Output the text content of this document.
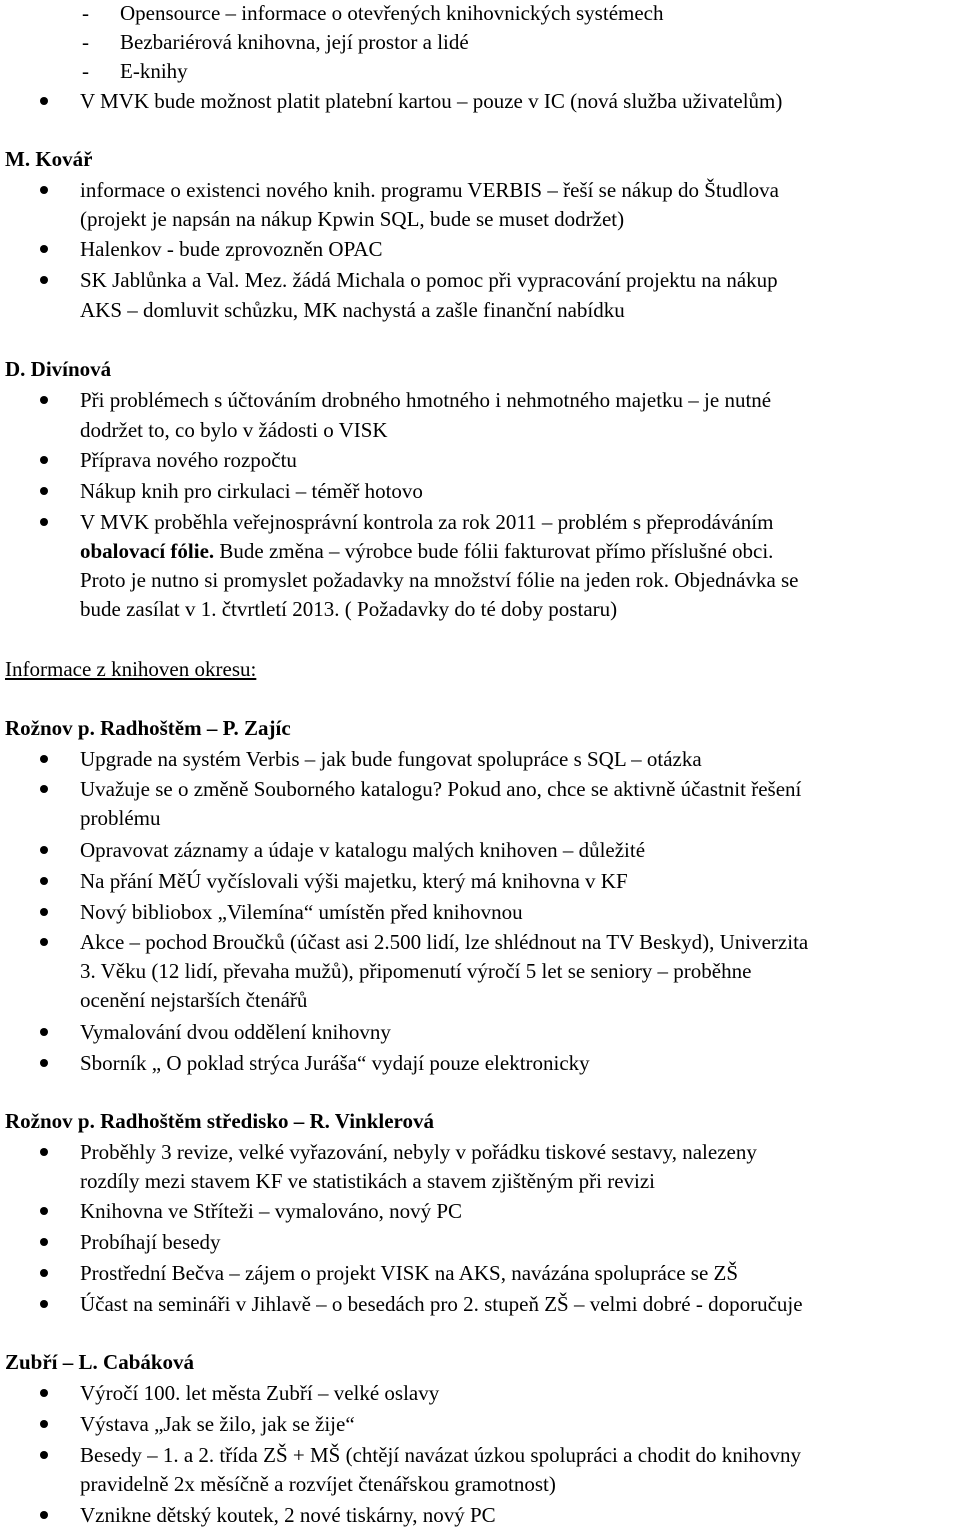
- Opensource – informace o otevřených knihovnických systémech
- Bezbariérová knihovna, její prostor a lidé
- E-knihy
V MVK bude možnost platit platební kartou – pouze v IC (nová služba uživatelům)
M. Kovář
informace o existenci nového knih. programu VERBIS – řeší se nákup do Študlova
(projekt je napsán na nákup Kpwin SQL, bude se muset dodržet)
Halenkov - bude zprovozněn OPAC
SK Jablůnka a Val. Mez. žádá Michala o pomoc při vypracování projektu na nákup
AKS – domluvit schůzku, MK nachystá a zašle finanční nabídku
D. Divínová
Při problémech s účtováním drobného hmotného i nehmotného majetku – je nutné
dodržet to, co bylo v žádosti o VISK
Příprava nového rozpočtu
Nákup knih pro cirkulaci – téměř hotovo
V MVK proběhla veřejnosprávní kontrola za rok 2011 – problém s přeprodáváním
obalovací fólie. Bude změna – výrobce bude fólii fakturovat přímo příslušné obci.
Proto je nutno si promyslet požadavky na množství fólie na jeden rok. Objednávka se
bude zasílat v 1. čtvrtletí 2013. ( Požadavky do té doby postaru)
Informace z knihoven okresu:
Rožnov p. Radhoštěm – P. Zajíc
Upgrade na systém Verbis – jak bude fungovat spolupráce s SQL – otázka
Uvažuje se o změně Souborného katalogu? Pokud ano, chce se aktivně účastnit řešení
problému
Opravovat záznamy a údaje v katalogu malých knihoven – důležité
Na přání MěÚ vyčíslovali výši majetku, který má knihovna v KF
Nový bibliobox „Vilemína“ umístěn před knihovnou
Akce – pochod Broučků (účast asi 2.500 lidí, lze shlédnout na TV Beskyd), Univerzita
3. Věku (12 lidí, převaha mužů), připomenutí výročí 5 let se seniory – proběhne
ocenění nejstarších čtenářů
Vymalování dvou oddělení knihovny
Sborník „ O poklad strýca Juráša“ vydají pouze elektronicky
Rožnov p. Radhoštěm středisko – R. Vinklerová
Proběhly 3 revize, velké vyřazování, nebyly v pořádku tiskové sestavy, nalezeny
rozdíly mezi stavem KF ve statistikách a stavem zjištěným při revizi
Knihovna ve Stříteži – vymalováno, nový PC
Probíhají besedy
Prostřední Bečva – zájem o projekt VISK na AKS, navázána spolupráce se ZŠ
Účast na semináři v Jihlavě – o besedách pro 2. stupeň ZŠ – velmi dobré - doporučuje
Zubří – L. Cabáková
Výročí 100. let města Zubří – velké oslavy
Výstava „Jak se žilo, jak se žije“
Besedy – 1. a 2. třída ZŠ + MŠ (chtějí navázat úzkou spolupráci a chodit do knihovny
pravidelně 2x měsíčně a rozvíjet čtenářskou gramotnost)
Vznikne dětský koutek, 2 nové tiskárny, nový PC
